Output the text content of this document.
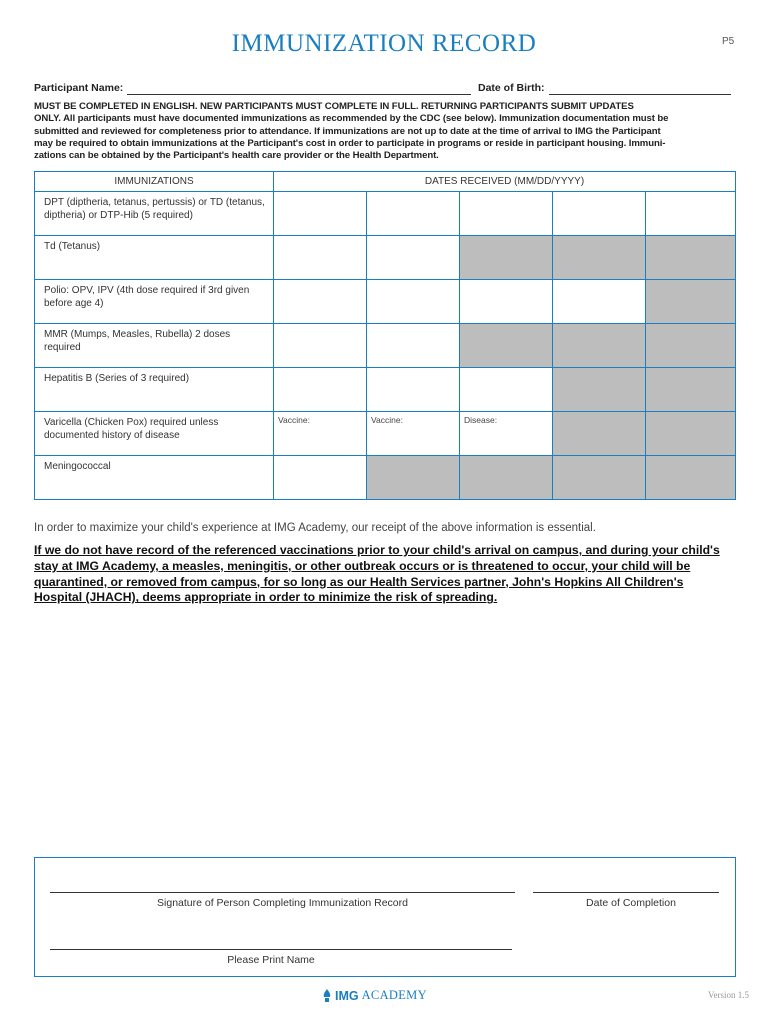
IMMUNIZATION RECORD	P5
Participant Name:	Date of Birth:
MUST BE COMPLETED IN ENGLISH. NEW PARTICIPANTS MUST COMPLETE IN FULL. RETURNING PARTICIPANTS SUBMIT UPDATES
ONLY. All participants must have documented immunizations as recommended by the CDC (see below). Immunization documentation must be
submitted and reviewed for completeness prior to attendance. If immunizations are not up to date at the time of arrival to IMG the Participant
may be required to obtain immunizations at the Participant's cost in order to participate in programs or reside in participant housing. Immuni-
zations can be obtained by the Participant's health care provider or the Health Department.
IMMUNIZATIONS	DATES RECEIVED (MM/DD/YYYY)				
DPT (diptheria, tetanus, pertussis) or TD (tetanus, diptheria) or DTP-Hib (5 required)					
Td (Tetanus)					
Polio: OPV, IPV (4th dose required if 3rd given before age 4)					
MMR (Mumps, Measles, Rubella) 2 doses required					
Hepatitis B (Series of 3 required)					
Varicella (Chicken Pox) required unless documented history of disease	Vaccine:	Vaccine:	Disease:		

Meningococcal					
In order to maximize your child's experience at IMG Academy, our receipt of the above information is essential.
If we do not have record of the referenced vaccinations prior to your child's arrival on campus, and during your child's
stay at IMG Academy, a measles, meningitis, or other outbreak occurs or is threatened to occur, your child will be
quarantined, or removed from campus, for so long as our Health Services partner, John's Hopkins All Children's
Hospital (JHACH), deems appropriate in order to minimize the risk of spreading.
Signature of Person Completing Immunization Record	Date of Completion
Please Print Name
IMG ACADEMY	Version 1.5
